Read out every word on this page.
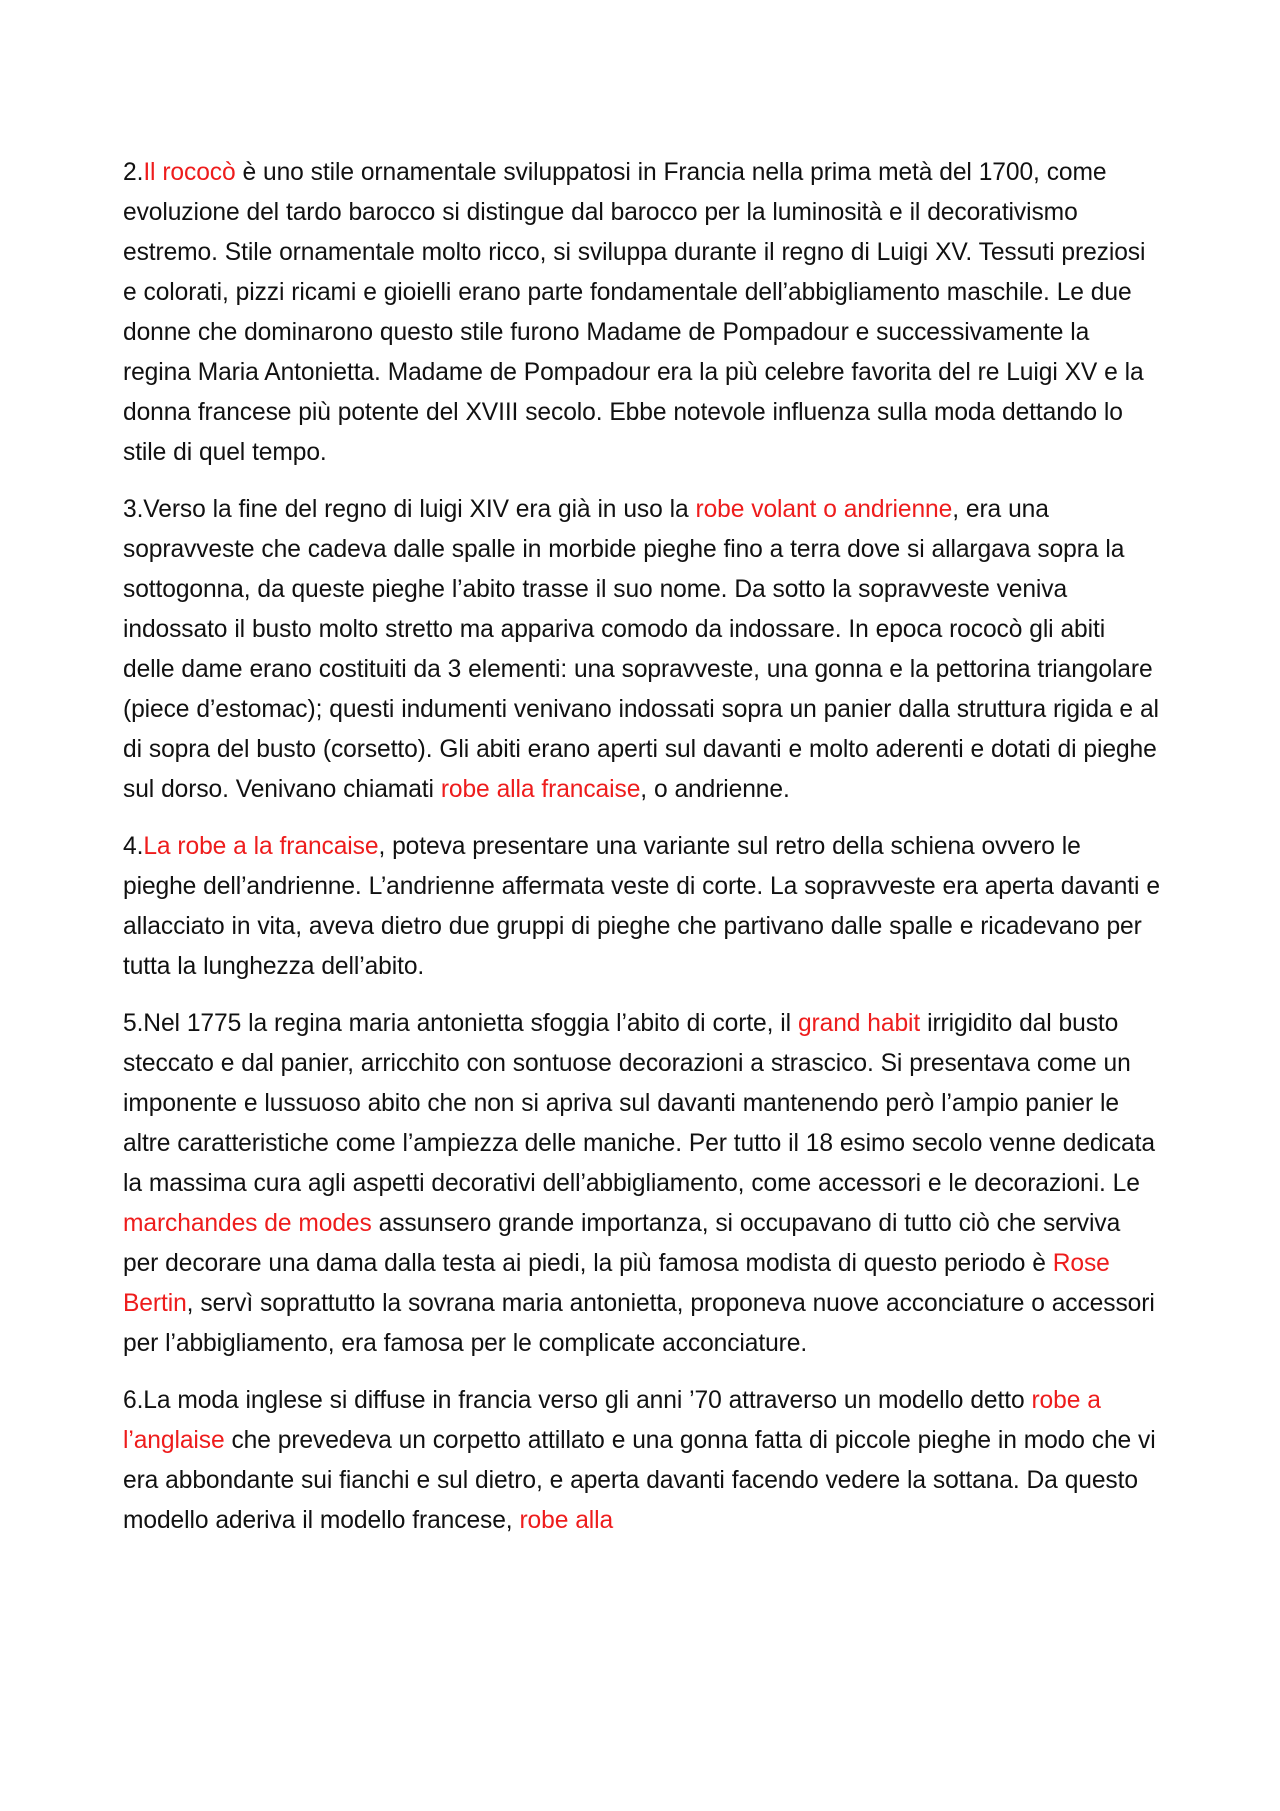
2.Il rococò è uno stile ornamentale sviluppatosi in Francia nella prima metà del 1700, come evoluzione del tardo barocco si distingue dal barocco per la luminosità e il decorativismo estremo. Stile ornamentale molto ricco, si sviluppa durante il regno di Luigi XV. Tessuti preziosi e colorati, pizzi ricami e gioielli erano parte fondamentale dell’abbigliamento maschile. Le due donne che dominarono questo stile furono Madame de Pompadour e successivamente la regina Maria Antonietta. Madame de Pompadour era la più celebre favorita del re Luigi XV e la donna francese più potente del XVIII secolo. Ebbe notevole influenza sulla moda dettando lo stile di quel tempo.

3.Verso la fine del regno di luigi XIV era già in uso la robe volant o andrienne, era una sopravveste che cadeva dalle spalle in morbide pieghe fino a terra dove si allargava sopra la sottogonna, da queste pieghe l’abito trasse il suo nome. Da sotto la sopravveste veniva indossato il busto molto stretto ma appariva comodo da indossare. In epoca rococò gli abiti delle dame erano costituiti da 3 elementi: una sopravveste, una gonna e la pettorina triangolare (piece d’estomac); questi indumenti venivano indossati sopra un panier dalla struttura rigida e al di sopra del busto (corsetto). Gli abiti erano aperti sul davanti e molto aderenti e dotati di pieghe sul dorso. Venivano chiamati robe alla francaise, o andrienne.

4.La robe a la francaise, poteva presentare una variante sul retro della schiena ovvero le pieghe dell’andrienne. L’andrienne affermata veste di corte. La sopravveste era aperta davanti e allacciato in vita, aveva dietro due gruppi di pieghe che partivano dalle spalle e ricadevano per tutta la lunghezza dell’abito.

5.Nel 1775 la regina maria antonietta sfoggia l’abito di corte, il grand habit irrigidito dal busto steccato e dal panier, arricchito con sontuose decorazioni a strascico. Si presentava come un imponente e lussuoso abito che non si apriva sul davanti mantenendo però l’ampio panier le altre caratteristiche come l’ampiezza delle maniche. Per tutto il 18 esimo secolo venne dedicata la massima cura agli aspetti decorativi dell’abbigliamento, come accessori e le decorazioni. Le marchandes de modes assunsero grande importanza, si occupavano di tutto ciò che serviva per decorare una dama dalla testa ai piedi, la più famosa modista di questo periodo è Rose Bertin, servì soprattutto la sovrana maria antonietta, proponeva nuove acconciature o accessori per l’abbigliamento, era famosa per le complicate acconciature.

6.La moda inglese si diffuse in francia verso gli anni ’70 attraverso un modello detto robe a l’anglaise che prevedeva un corpetto attillato e una gonna fatta di piccole pieghe in modo che vi era abbondante sui fianchi e sul dietro, e aperta davanti facendo vedere la sottana. Da questo modello aderiva il modello francese, robe alla
